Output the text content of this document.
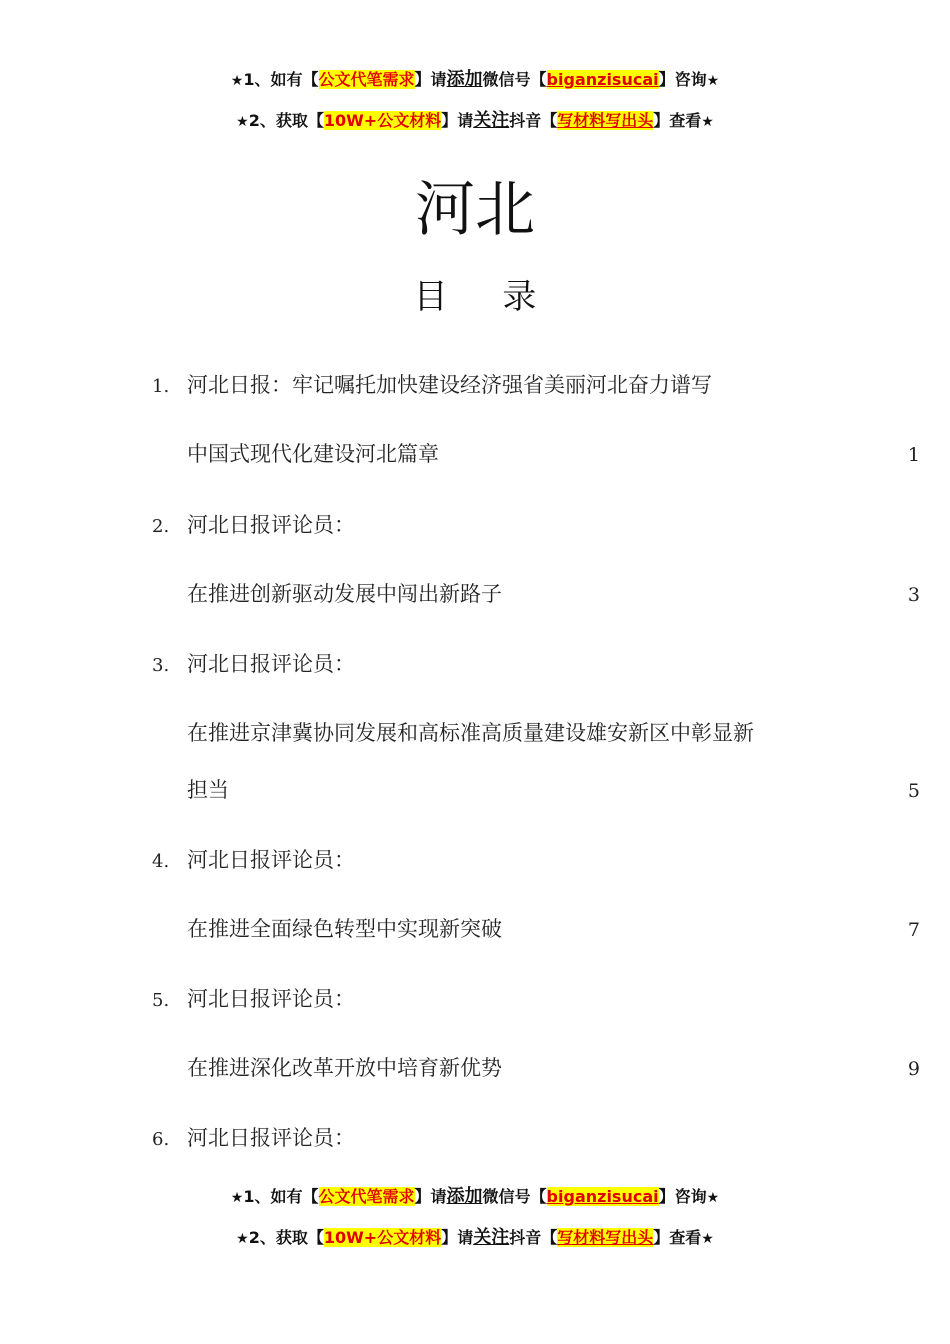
★1、如有【公文代笔需求】请添加微信号【biganzisucai】咨询★
★2、获取【10W+公文材料】请关注抖音【写材料写出头】查看★
河北
目 录
1. 河北日报：牢记嘱托加快建设经济强省美丽河北奋力谱写
中国式现代化建设河北篇章	1
2. 河北日报评论员：
在推进创新驱动发展中闯出新路子	3
3. 河北日报评论员：
在推进京津冀协同发展和高标准高质量建设雄安新区中彰显新
担当	5
4. 河北日报评论员：
在推进全面绿色转型中实现新突破	7
5. 河北日报评论员：
在推进深化改革开放中培育新优势	9
6. 河北日报评论员：
★1、如有【公文代笔需求】请添加微信号【biganzisucai】咨询★
★2、获取【10W+公文材料】请关注抖音【写材料写出头】查看★
